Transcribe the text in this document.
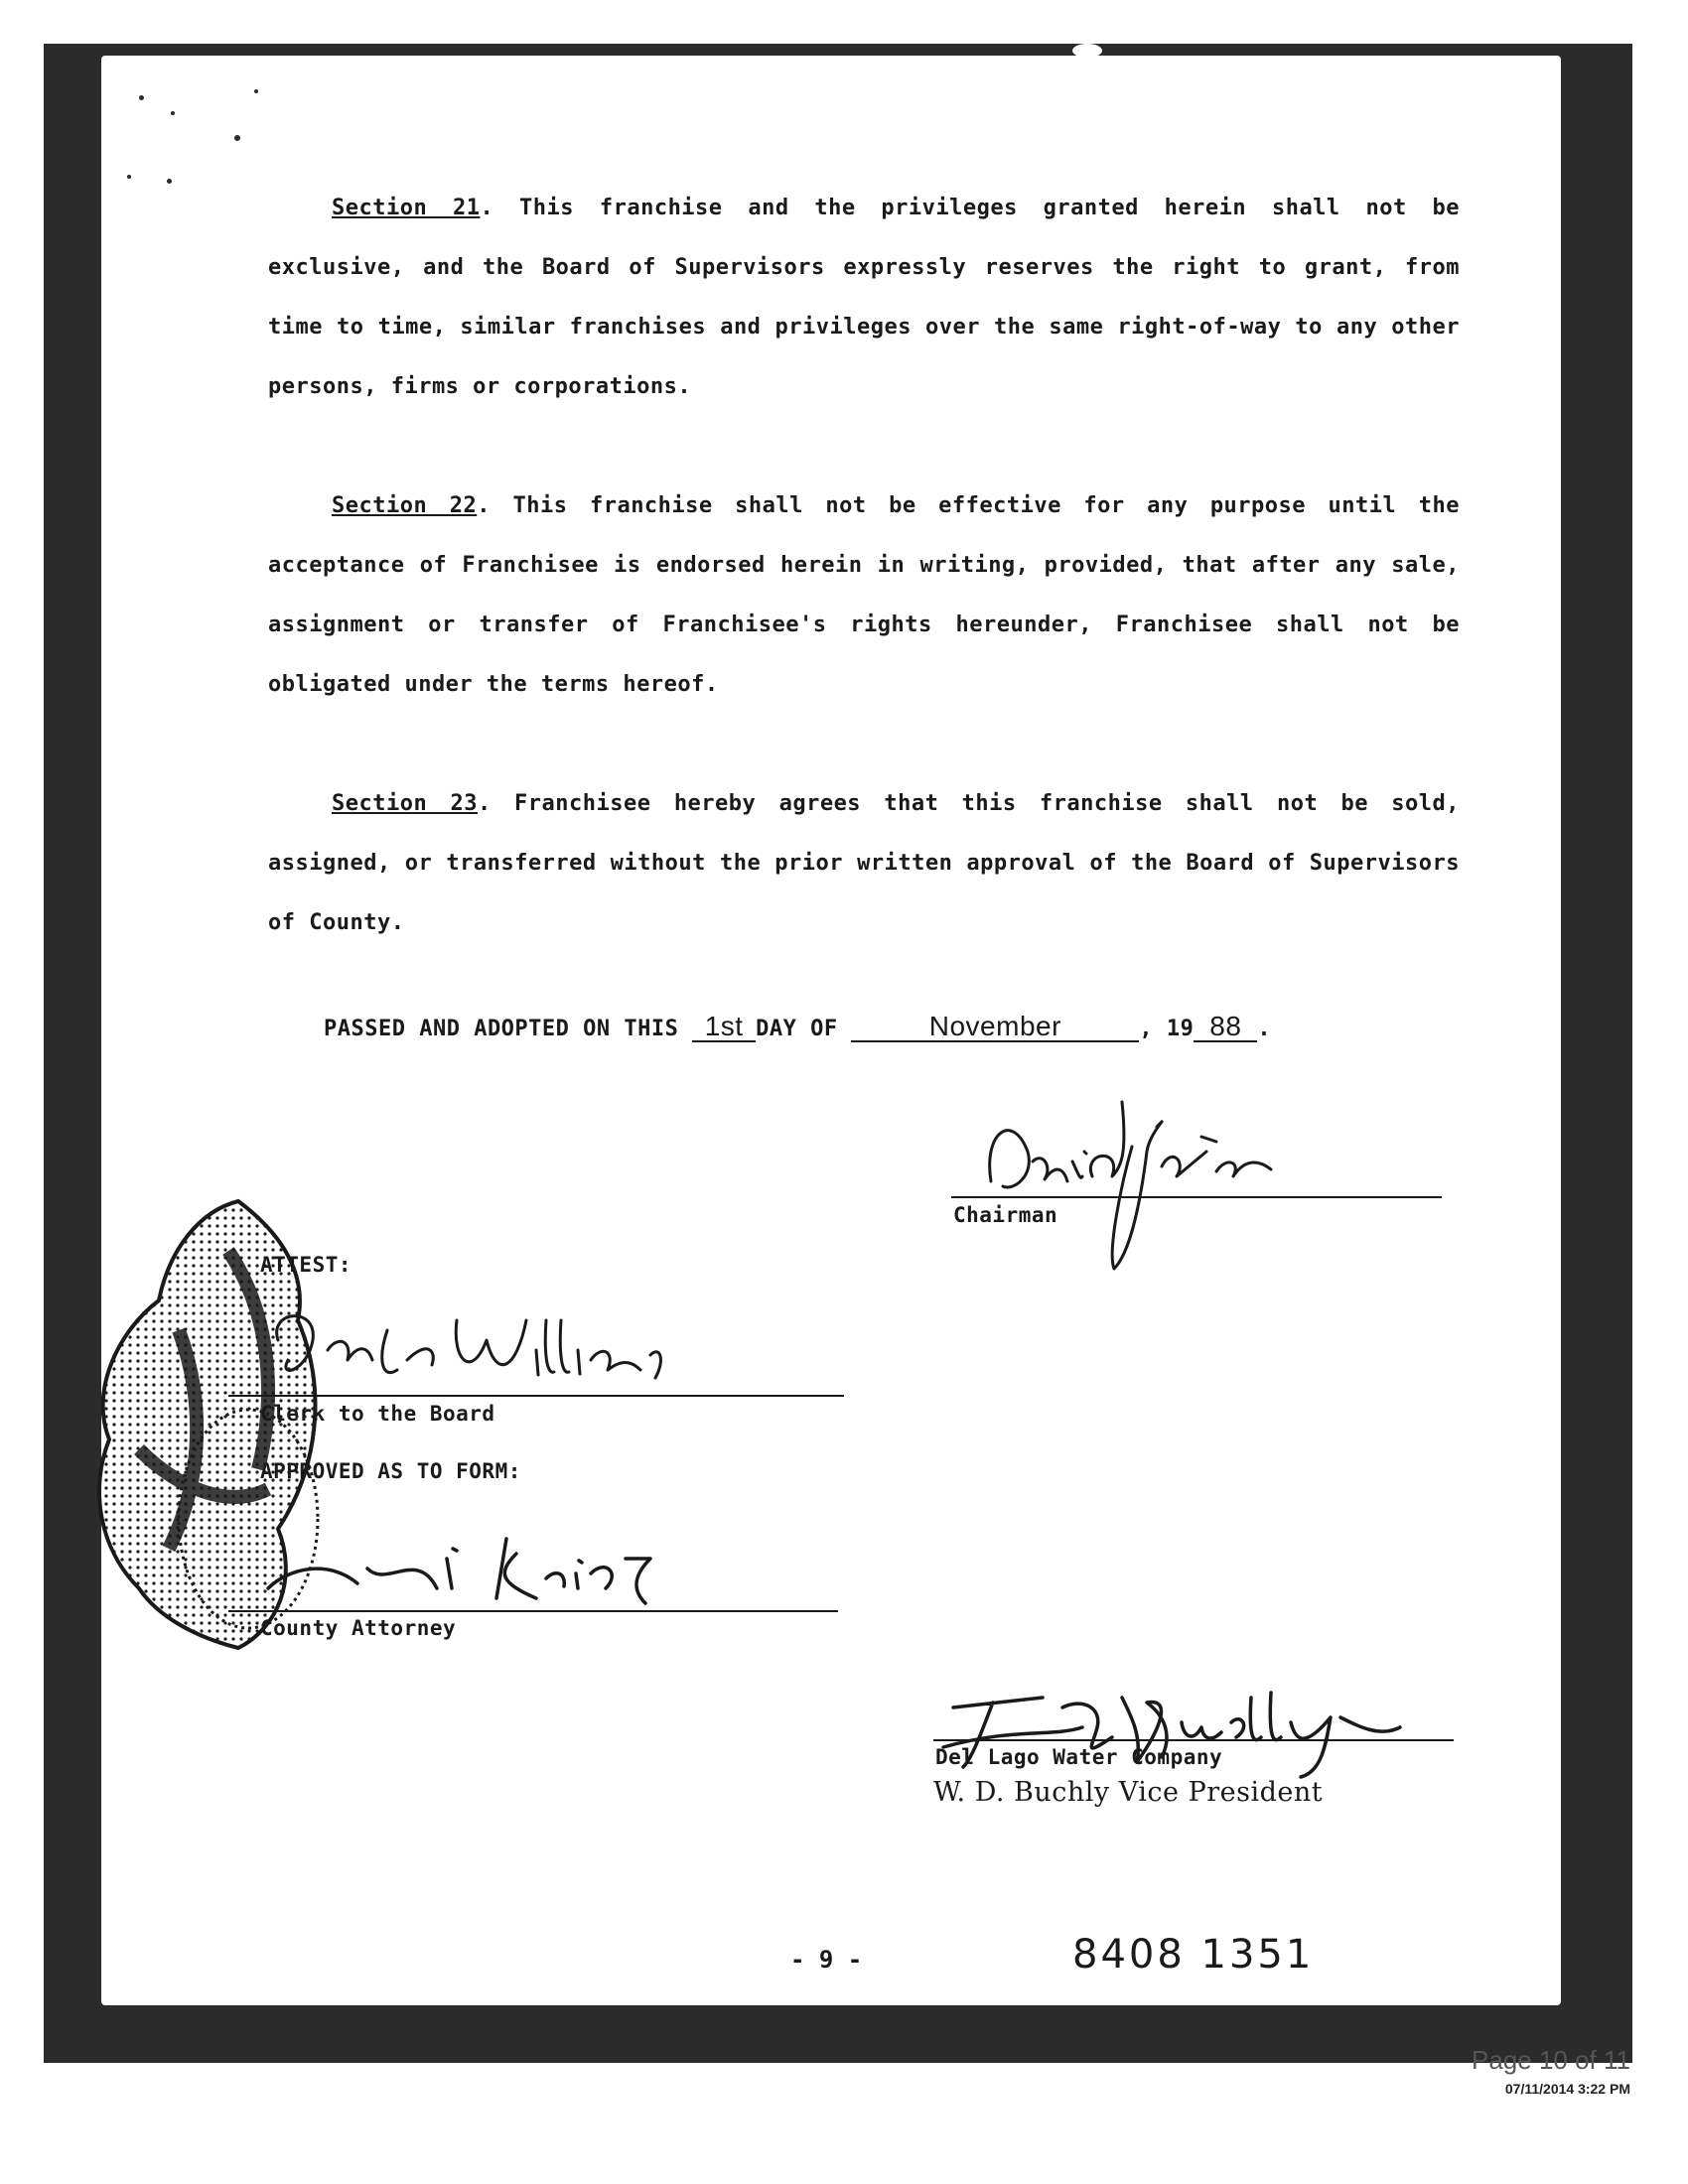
Section 21. This franchise and the privileges granted herein shall not be exclusive, and the Board of Supervisors expressly reserves the right to grant, from time to time, similar franchises and privileges over the same right-of-way to any other persons, firms or corporations.
Section 22. This franchise shall not be effective for any purpose until the acceptance of Franchisee is endorsed herein in writing, provided, that after any sale, assignment or transfer of Franchisee's rights hereunder, Franchisee shall not be obligated under the terms hereof.
Section 23. Franchisee hereby agrees that this franchise shall not be sold, assigned, or transferred without the prior written approval of the Board of Supervisors of County.
PASSED AND ADOPTED ON THIS 1st DAY OF	November	, 19 88 .
Chairman
ATTEST:
Clerk to the Board
APPROVED AS TO FORM:
County Attorney
Del Lago Water Company
W. D. Buchly Vice President
- 9 -	8408 1351
Page 10 of 11
07/11/2014 3:22 PM
